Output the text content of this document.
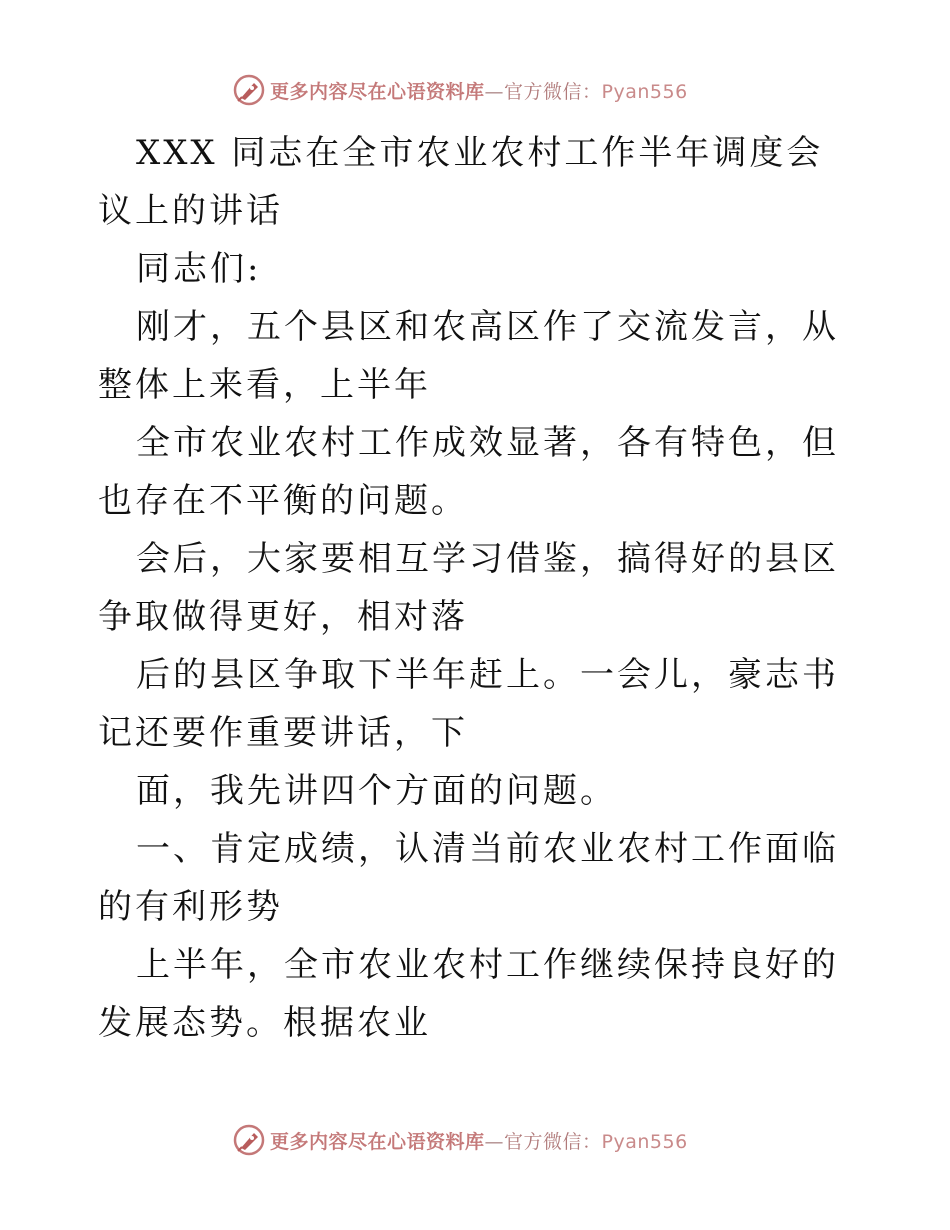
更多内容尽在心语资料库—官方微信：Pyan556

XXX 同志在全市农业农村工作半年调度会议上的讲话

同志们:

刚才，五个县区和农高区作了交流发言，从整体上来看，上半年

全市农业农村工作成效显著，各有特色，但也存在不平衡的问题。

会后，大家要相互学习借鉴，搞得好的县区争取做得更好，相对落

后的县区争取下半年赶上。一会儿，豪志书记还要作重要讲话，下

面，我先讲四个方面的问题。

一、肯定成绩，认清当前农业农村工作面临的有利形势

上半年，全市农业农村工作继续保持良好的发展态势。根据农业

更多内容尽在心语资料库—官方微信：Pyan556
